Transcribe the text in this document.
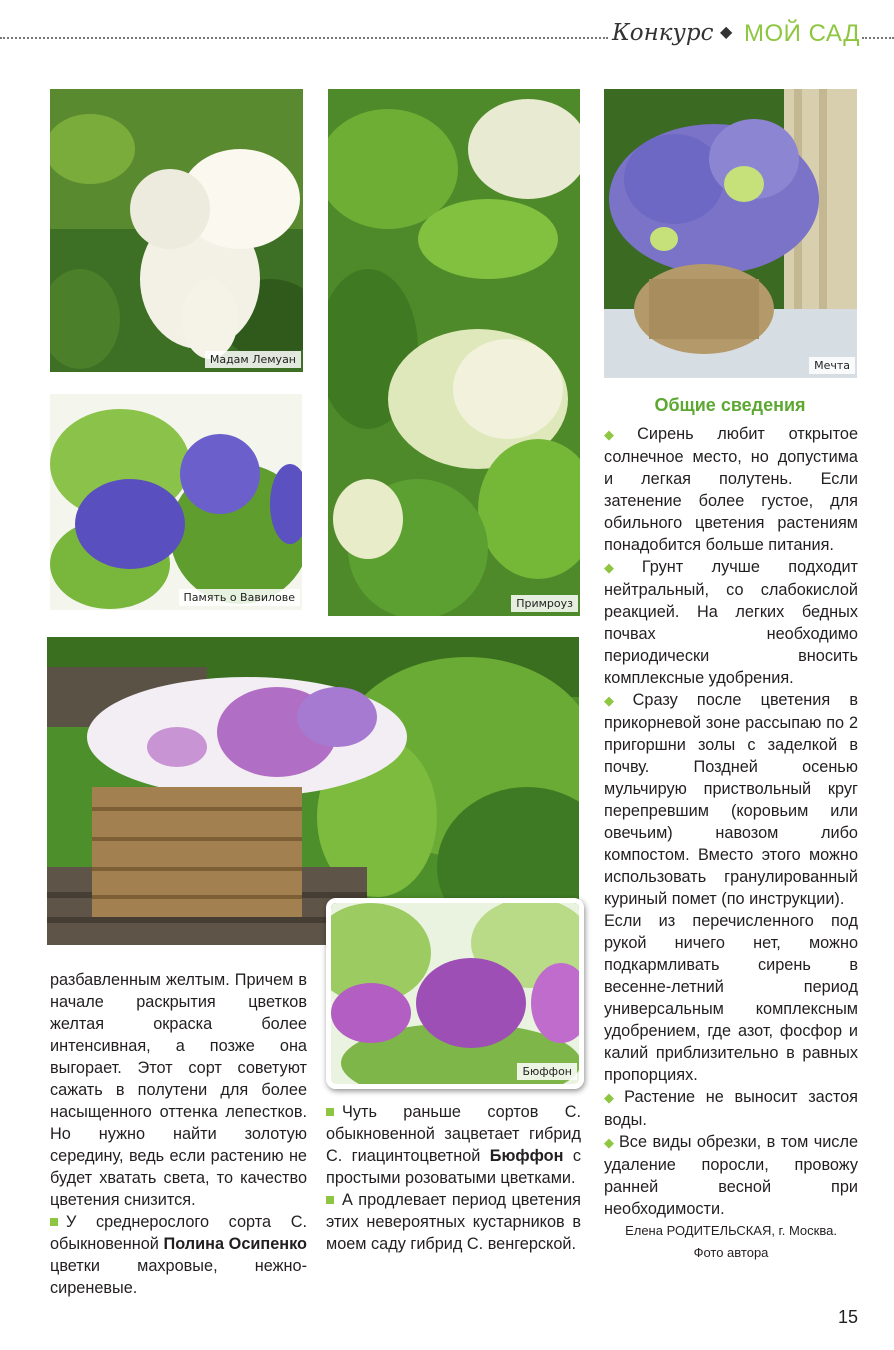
Конкурс ◆ МОЙ САД
Мадам Лемуан
Примроуз
Мечта
Память о Вавилове
Бюффон

разбавленным желтым. Причем в начале раскрытия цветков желтая окраска более интенсивная, а позже она выгорает. Этот сорт советуют сажать в полутени для более насыщенного оттенка лепестков. Но нужно найти золотую середину, ведь если растению не будет хватать света, то качество цветения снизится.

У среднерослого сорта С. обыкновенной Полина Осипенко цветки махровые, нежно-сиреневые.

Чуть раньше сортов С. обыкновенной зацветает гибрид С. гиацинтоцветной Бюффон с простыми розоватыми цветками.

А продлевает период цветения этих невероятных кустарников в моем саду гибрид С. венгерской.

Общие сведения

◆ Сирень любит открытое солнечное место, но допустима и легкая полутень. Если затенение более густое, для обильного цветения растениям понадобится больше питания.

◆ Грунт лучше подходит нейтральный, со слабокислой реакцией. На легких бедных почвах необходимо периодически вносить комплексные удобрения.

◆ Сразу после цветения в прикорневой зоне рассыпаю по 2 пригоршни золы с заделкой в почву. Поздней осенью мульчирую приствольный круг перепревшим (коровьим или овечьим) навозом либо компостом. Вместо этого можно использовать гранулированный куриный помет (по инструкции).

Если из перечисленного под рукой ничего нет, можно подкармливать сирень в весенне-летний период универсальным комплексным удобрением, где азот, фосфор и калий приблизительно в равных пропорциях.

◆ Растение не выносит застоя воды.

◆ Все виды обрезки, в том числе удаление поросли, провожу ранней весной при необходимости.

Елена РОДИТЕЛЬСКАЯ, г. Москва.

Фото автора

15
